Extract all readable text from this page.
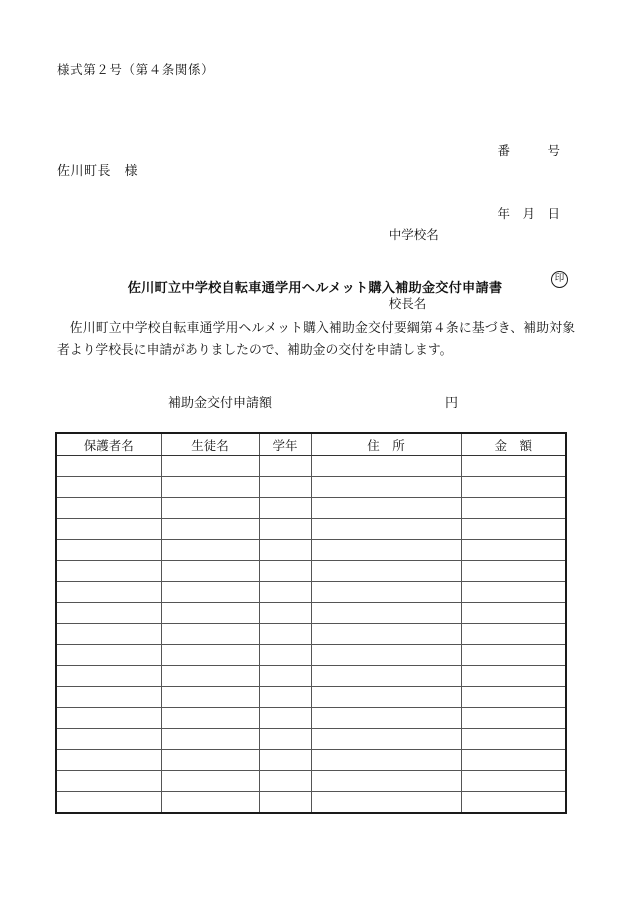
様式第２号（第４条関係）

番　　　号

年　月　日

佐川町長　様

中学校名

校長名

印

佐川町立中学校自転車通学用ヘルメット購入補助金交付申請書

佐川町立中学校自転車通学用ヘルメット購入補助金交付要綱第４条に基づき、補助対象者より学校長に申請がありましたので、補助金の交付を申請します。

補助金交付申請額	円
保護者名	生徒名	学年	住　所	金　額
